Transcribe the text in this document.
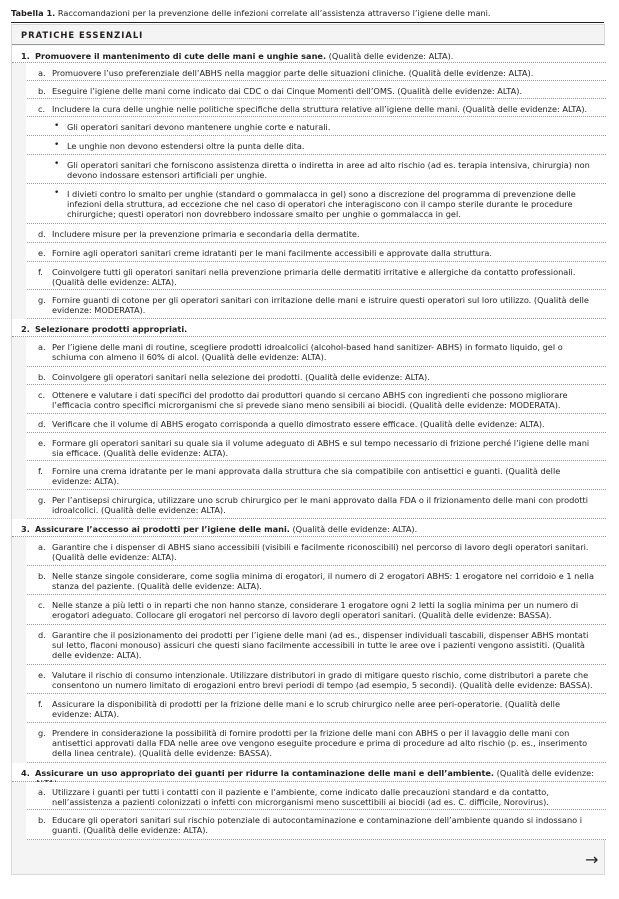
Tabella 1. Raccomandazioni per la prevenzione delle infezioni correlate all’assistenza attraverso l’igiene delle mani.
PRATICHE ESSENZIALI
1. Promuovere il mantenimento di cute delle mani e unghie sane. (Qualità delle evidenze: ALTA).
a. Promuovere l’uso preferenziale dell’ABHS nella maggior parte delle situazioni cliniche. (Qualità delle evidenze: ALTA).
b. Eseguire l’igiene delle mani come indicato dai CDC o dai Cinque Momenti dell’OMS. (Qualità delle evidenze: ALTA).
c. Includere la cura delle unghie nelle politiche specifiche della struttura relative all’igiene delle mani. (Qualità delle evidenze: ALTA).
• Gli operatori sanitari devono mantenere unghie corte e naturali.
• Le unghie non devono estendersi oltre la punta delle dita.
• Gli operatori sanitari che forniscono assistenza diretta o indiretta in aree ad alto rischio (ad es. terapia intensiva, chirurgia) non devono indossare estensori artificiali per unghie.
• I divieti contro lo smalto per unghie (standard o gommalacca in gel) sono a discrezione del programma di prevenzione delle infezioni della struttura, ad eccezione che nel caso di operatori che interagiscono con il campo sterile durante le procedure chirurgiche; questi operatori non dovrebbero indossare smalto per unghie o gommalacca in gel.
d. Includere misure per la prevenzione primaria e secondaria della dermatite.
e. Fornire agli operatori sanitari creme idratanti per le mani facilmente accessibili e approvate dalla struttura.
f. Coinvolgere tutti gli operatori sanitari nella prevenzione primaria delle dermatiti irritative e allergiche da contatto professionali. (Qualità delle evidenze: ALTA).
g. Fornire guanti di cotone per gli operatori sanitari con irritazione delle mani e istruire questi operatori sul loro utilizzo. (Qualità delle evidenze: MODERATA).
2. Selezionare prodotti appropriati.
a. Per l’igiene delle mani di routine, scegliere prodotti idroalcolici (alcohol-based hand sanitizer- ABHS) in formato liquido, gel o schiuma con almeno il 60% di alcol. (Qualità delle evidenze: ALTA).
b. Coinvolgere gli operatori sanitari nella selezione dei prodotti. (Qualità delle evidenze: ALTA).
c. Ottenere e valutare i dati specifici del prodotto dai produttori quando si cercano ABHS con ingredienti che possono migliorare l’efficacia contro specifici microrganismi che si prevede siano meno sensibili ai biocidi. (Qualità delle evidenze: MODERATA).
d. Verificare che il volume di ABHS erogato corrisponda a quello dimostrato essere efficace. (Qualità delle evidenze: ALTA).
e. Formare gli operatori sanitari su quale sia il volume adeguato di ABHS e sul tempo necessario di frizione perché l’igiene delle mani sia efficace. (Qualità delle evidenze: ALTA).
f. Fornire una crema idratante per le mani approvata dalla struttura che sia compatibile con antisettici e guanti. (Qualità delle evidenze: ALTA).
g. Per l’antisepsi chirurgica, utilizzare uno scrub chirurgico per le mani approvato dalla FDA o il frizionamento delle mani con prodotti idroalcolici. (Qualità delle evidenze: ALTA).
3. Assicurare l’accesso ai prodotti per l’igiene delle mani. (Qualità delle evidenze: ALTA).
a. Garantire che i dispenser di ABHS siano accessibili (visibili e facilmente riconoscibili) nel percorso di lavoro degli operatori sanitari. (Qualità delle evidenze: ALTA).
b. Nelle stanze singole considerare, come soglia minima di erogatori, il numero di 2 erogatori ABHS: 1 erogatore nel corridoio e 1 nella stanza del paziente. (Qualità delle evidenze: ALTA).
c. Nelle stanze a più letti o in reparti che non hanno stanze, considerare 1 erogatore ogni 2 letti la soglia minima per un numero di erogatori adeguato. Collocare gli erogatori nel percorso di lavoro degli operatori sanitari. (Qualità delle evidenze: BASSA).
d. Garantire che il posizionamento dei prodotti per l’igiene delle mani (ad es., dispenser individuali tascabili, dispenser ABHS montati sul letto, flaconi monouso) assicuri che questi siano facilmente accessibili in tutte le aree ove i pazienti vengono assistiti. (Qualità delle evidenze: ALTA).
e. Valutare il rischio di consumo intenzionale. Utilizzare distributori in grado di mitigare questo rischio, come distributori a parete che consentono un numero limitato di erogazioni entro brevi periodi di tempo (ad esempio, 5 secondi). (Qualità delle evidenze: BASSA).
f. Assicurare la disponibilità di prodotti per la frizione delle mani e lo scrub chirurgico nelle aree peri-operatorie. (Qualità delle evidenze: ALTA).
g. Prendere in considerazione la possibilità di fornire prodotti per la frizione delle mani con ABHS o per il lavaggio delle mani con antisettici approvati dalla FDA nelle aree ove vengono eseguite procedure e prima di procedure ad alto rischio (p. es., inserimento della linea centrale). (Qualità delle evidenze: BASSA).
4. Assicurare un uso appropriato dei guanti per ridurre la contaminazione delle mani e dell’ambiente. (Qualità delle evidenze:
a. Utilizzare i guanti per tutti i contatti con il paziente e l’ambiente, come indicato dalle precauzioni standard e da contatto, nell’assistenza a pazienti colonizzati o infetti con microrganismi meno suscettibili ai biocidi (ad es. C. difficile, Norovirus).
b. Educare gli operatori sanitari sul rischio potenziale di autocontaminazione e contaminazione dell’ambiente quando si indossano i guanti. (Qualità delle evidenze: ALTA).
→
